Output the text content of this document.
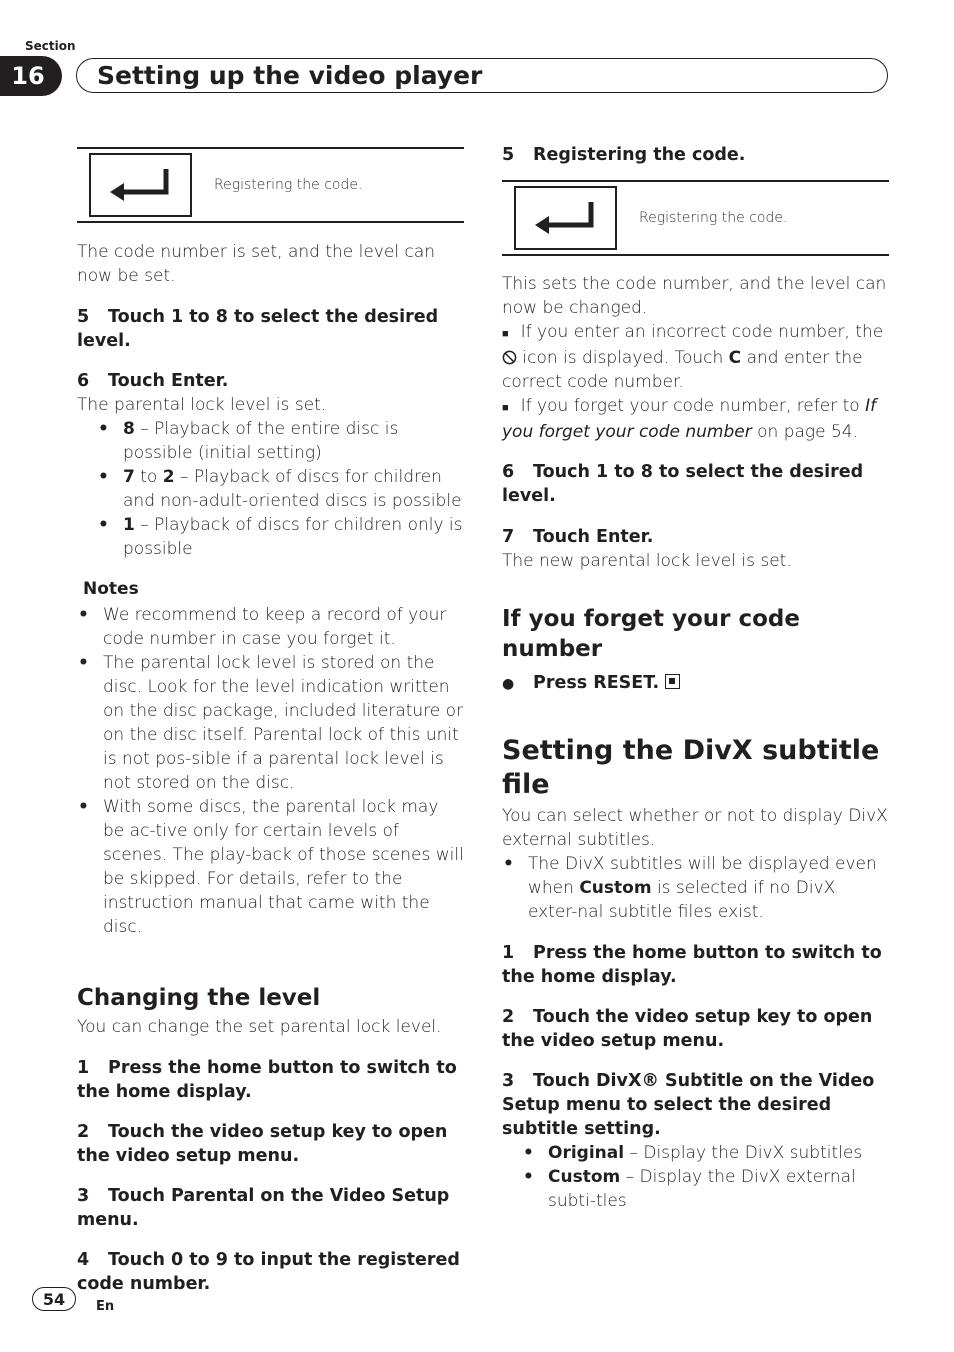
Section
16	Setting up the video player
Registering the code.

The code number is set, and the level can now be set.

5 Touch 1 to 8 to select the desired level.

6 Touch Enter.

The parental lock level is set.

• 8 – Playback of the entire disc is possible (initial setting)
• 7 to 2 – Playback of discs for children and non-adult-oriented discs is possible
• 1 – Playback of discs for children only is possible

Notes

• We recommend to keep a record of your code number in case you forget it.
• The parental lock level is stored on the disc. Look for the level indication written on the disc package, included literature or on the disc itself. Parental lock of this unit is not pos-sible if a parental lock level is not stored on the disc.
• With some discs, the parental lock may be ac-tive only for certain levels of scenes. The play-back of those scenes will be skipped. For details, refer to the instruction manual that came with the disc.

Changing the level

You can change the set parental lock level.

1 Press the home button to switch to the home display.

2 Touch the video setup key to open the video setup menu.

3 Touch Parental on the Video Setup menu.

4 Touch 0 to 9 to input the registered code number.

5 Registering the code.

Registering the code.

This sets the code number, and the level can now be changed.

■ If you enter an incorrect code number, the  icon is displayed. Touch C and enter the correct code number.

■ If you forget your code number, refer to If you forget your code number on page 54.

6 Touch 1 to 8 to select the desired level.

7 Touch Enter.

The new parental lock level is set.

If you forget your code number

● Press RESET.

Setting the DivX subtitle file

You can select whether or not to display DivX external subtitles.

• The DivX subtitles will be displayed even when Custom is selected if no DivX exter-nal subtitle files exist.

1 Press the home button to switch to the home display.

2 Touch the video setup key to open the video setup menu.

3 Touch DivX® Subtitle on the Video Setup menu to select the desired subtitle setting.

• Original – Display the DivX subtitles
• Custom – Display the DivX external subti-tles
54	En
